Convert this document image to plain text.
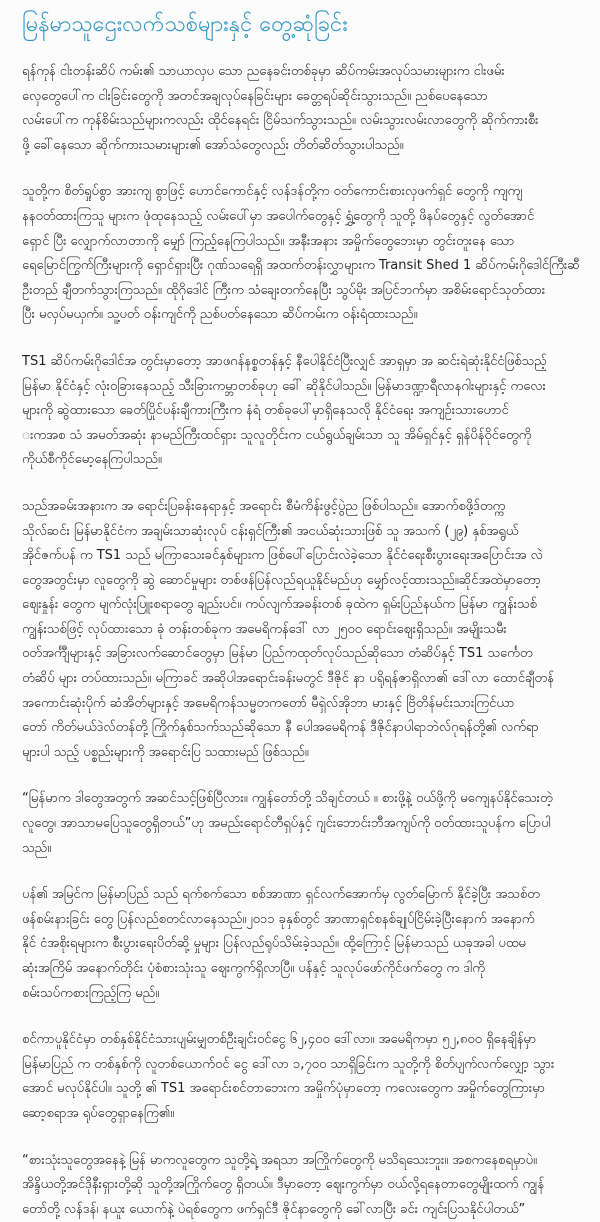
မြန်မာသူဌေးလက်သစ်များနှင့် တွေ့ဆုံခြင်း

ရန်ကုန် ငါးတန်းဆိပ် ကမ်း၏ သာယာလှပ သော ညနေခင်းတစ်ခုမှာ ဆိပ်ကမ်းအလုပ်သမားများက ငါးဖမ်း
လှေတွေပေါ်က ငါးခြင်းတွေကို အတင်အချလုပ်နေခြင်းများ ခေတ္တရပ်ဆိုင်းသွားသည်။ ညစ်ပေနေသော
လမ်းပေါ်က ကုန်စိမ်းသည်များကလည်း ထိုင်နေရင်း ငြိမ်သက်သွားသည်။ လမ်းသွားလမ်းလာတွေကို ဆိုက်ကားစီး
ဖို့ ခေါ်နေသော ဆိုက်ကားသမားများ၏ အော်သံတွေလည်း တိတ်ဆိတ်သွားပါသည်။

သူတို့က စိတ်ရှုပ်စွာ အားကျ စွာဖြင့် ဟောင်ကောင်နှင့် လန်ဒန်တို့က ဝတ်ကောင်းစားလှဖက်ရှင် တွေကို ကျကျ
နနဝတ်ထားကြသူ များက ဖုံထုနေသည့် လမ်းပေါ်မှာ အပေါက်တွေနှင့် ရွှံ့တွေကို သူတို့ ဖိနပ်တွေနှင့် လွတ်အောင်
ရှောင် ပြီး လျှောက်လာတာကို မျှော် ကြည့်နေကြပါသည်။ အနီးအနား အမှိုက်တွေဘေးမှာ တွင်းတူးနေ သော
ရေမြောင်ကြွက်ကြီးများကို ရှောင်ရှားပြီး ဂုဏ်သရေရှိ အထက်တန်းလွှာများက Transit Shed 1 ဆိပ်ကမ်းဂိုဒေါင်ကြီးဆီ
ဦးတည် ချီတက်သွားကြသည်။ ထိုဂိုဒေါင် ကြီးက သံချေးတက်နေပြီး သွပ်မိုး အပြင်ဘက်မှာ အစိမ်းရောင်သုတ်ထား
ပြီး မလှပ်မယှက်။ သူ့ပတ် ဝန်းကျင်ကို ညစ်ပတ်နေသော ဆိပ်ကမ်းက ဝန်းရံထားသည်။

TS1 ဆိပ်ကမ်းဂိုဒေါင်အ တွင်းမှာတော့ အာဖဂန်နစ္စတန်နှင့် နီပေါနိုင်ငံပြီးလျှင် အာရှမှာ အ ဆင်းရဲဆုံးနိုင်ငံဖြစ်သည့်
မြန်မာ နိုင်ငံနှင့် လုံးဝခြားနေသည့် သီးခြားကမ္ဘာတစ်ခုဟု ခေါ် ဆိုနိုင်ပါသည်။ မြန်မာဒဏ္ဍာရီလာနဂါးများနှင့် ကလေး
များကို ဆွဲထားသော ခေတ်ပြိုင်ပန်းချီကားကြီးက နံရံ တစ်ခုပေါ်မှာရှိနေသလို နိုင်ငံရေး အကျဉ်းသားဟောင်
းကအစ သံ အမတ်အဆုံး နာမည်ကြီးထင်ရှား သူလူတိုင်းက ငယ်ရွယ်ချမ်းသာ သူ အိမ်ရှင်နှင့် ရှန်ပိန်ဝိုင်တွေကို
ကိုယ်စီကိုင်မော့နေကြပါသည်။

သည်အခမ်းအနားက အ ရောင်းပြခန်းနေရာနှင့် အရောင်း စီမံကိန်းဖွင့်ပွဲည ဖြစ်ပါသည်။ အောက်စဖို့ဒ်တက္က
သိုလ်ဆင်း မြန်မာနိုင်ငံက အချမ်းသာဆုံးလုပ် ငန်းရှင်ကြီး၏ အငယ်ဆုံးသားဖြစ် သူ အသက် (၂၉) နှစ်အရွယ်
အိုင်ဇက်ပန် က TS1 သည် မကြာသေးခင်နှစ်များက ဖြစ်ပေါ်ပြောင်းလဲခဲ့သော နိုင်ငံရေးစီးပွားရေးအပြောင်းအ လဲ
တွေအတွင်းမှာ လူတွေကို ဆွဲ ဆောင်မှုများ တစ်ဖန်ပြန်လည်ရယူနိုင်မည်ဟု မျှော်လင့်ထားသည်။ဆိုင်အထဲမှာတော့
ဈေးနှုန်း တွေက မျက်လုံးပြူးစရာတွေ ချည်းပင်။ ကပ်လျက်အခန်းတစ် ခုထဲက ရှမ်းပြည်နယ်က မြန်မာ ကျွန်းသစ်
ကျွန်းသစ်ဖြင့် လုပ်ထားသော ခုံ တန်းတစ်ခုက အမေရိကန်ဒေါ် လာ ၂၅၀၀ ရောင်းဈေးရှိသည်။ အမျိုးသမီး
ဝတ်အင်္ကျီများနှင့် အခြားလက်ဆောင်တွေမှာ မြန်မာ ပြည်ကထုတ်လုပ်သည်ဆိုသော တံဆိပ်နှင့် TS1 သင်္ကေတ
တံဆိပ် များ တပ်ထားသည်။ မကြာခင် အဆိုပါအရောင်းခန်းမတွင် ဒီဇိုင် နာ ပရိုရန်ဇာရှိလာ၏ ဒေါ်လာ ထောင်ချီတန်
အကောင်းဆုံးပိုက် ဆံအိတ်များနှင့် အမေရိကန်သမ္မတကတော် မီရှဲလ်အိုဘာ မားနှင့် ဗြိတိန်မင်းသားကြင်ယာ
တော် ကိတ်မယ်ဒဲလ်တန်တို့ ကြိုက်နှစ်သက်သည်ဆိုသော နီ ပေါအမေရိကန် ဒီဇိုင်နာပါရာဘဲလ်ဂုရန်တို့၏ လက်ရာ
များပါ သည့် ပစ္စည်းများကို အရောင်းပြ သထားမည် ဖြစ်သည်။

“မြန်မာက ဒါတွေအတွက် အဆင်သင့်ဖြစ်ပြီလား။ ကျွန်တော်တို့ သိချင်တယ် ။ စားဖို့နဲ့ ဝယ်ဖို့ကို မကျေနပ်နိုင်သေးတဲ့
လူတွေ၊ အာသာမပြေသူတွေရှိတယ်”ဟု အမည်းရောင်တီရှပ်နှင့် ဂျင်းဘောင်းဘီအကျပ်ကို ဝတ်ထားသူပန်က ပြောပါ
သည်။

ပန်၏ အမြင်က မြန်မာပြည် သည် ရက်စက်သော စစ်အာဏာ ရှင်လက်အောက်မှ လွတ်မြောက် နိုင်ခဲ့ပြီး အသစ်တ
ဖန်စမ်းနားခြင်း တွေ ပြန်လည်စတင်လာနေသည်။၂၀၁၁ ခုနှစ်တွင် အာဏာရှင်စနစ်ချုပ်ငြိမ်းခဲ့ပြီးနောက် အနောက်
နိုင် ငံအစိုးရများက စီးပွားရေးပိတ်ဆို့ မှုများ ပြန်လည်ရုပ်သိမ်းခဲ့သည်။ ထို့ကြောင့် မြန်မာသည် ယခုအခါ ပထမ
ဆုံးအကြိမ် အနောက်တိုင်း ပုံစံစားသုံးသူ ဈေးကွက်ရှိလာပြီ။ ပန်နှင့် သူလုပ်ဖော်ကိုင်ဖက်တွေ က ဒါကို
စမ်းသပ်ကစားကြည့်ကြ မည်။

စင်ကာပူနိုင်ငံမှာ တစ်နှစ်နိုင်ငံသားပျမ်းမျှတစ်ဦးချင်းဝင်ငွေ ၆၂,၄၀၀ ဒေါ်လာ။ အမေရိကမှာ ၅၂,၈၀၀ ရှိနေချိန်မှာ
မြန်မာပြည် က တစ်နှစ်ကို လူတစ်ယောက်ဝင် ငွေ ဒေါ်လာ ၁,၇၀၀ သာရှိခြင်းက သူတို့ကို စိတ်ပျက်လက်လျှော့ သွား
အောင် မလုပ်နိုင်ပါ။ သူတို့ ၏ TS1 အရောင်းစင်တာဘေးက အမှိုက်ပုံမှာတော့ ကလေးတွေက အမှိုက်တွေကြားမှာ
ဆော့စရာအ ရုပ်တွေရှာနေကြ၏။

“စားသုံးသူတွေအနေနဲ့ မြန် မာကလူတွေက သူတို့ရဲ့ အရသာ အကြိုက်တွေကို မသိရသေးဘူး။ အစကနေစရမှာပဲ။
အိန္ဒိယတို့အင်ဒိုနီးရှားတို့ဆို သူတို့အကြိုက်တွေ ရှိတယ်။ ဒီမှာတော့ ဈေးကွက်မှာ ဝယ်လို့ရနေတာတွေမျိုးထက် ကျွန်
တော်တို့ လန်ဒန်၊ နယူး ယောက်နဲ့ ပဲရစ်တွေက ဖက်ရှင်ဒီ ဇိုင်နာတွေကို ခေါ်လာပြီး ခင်း ကျင်းပြသနိုင်ပါတယ်”
